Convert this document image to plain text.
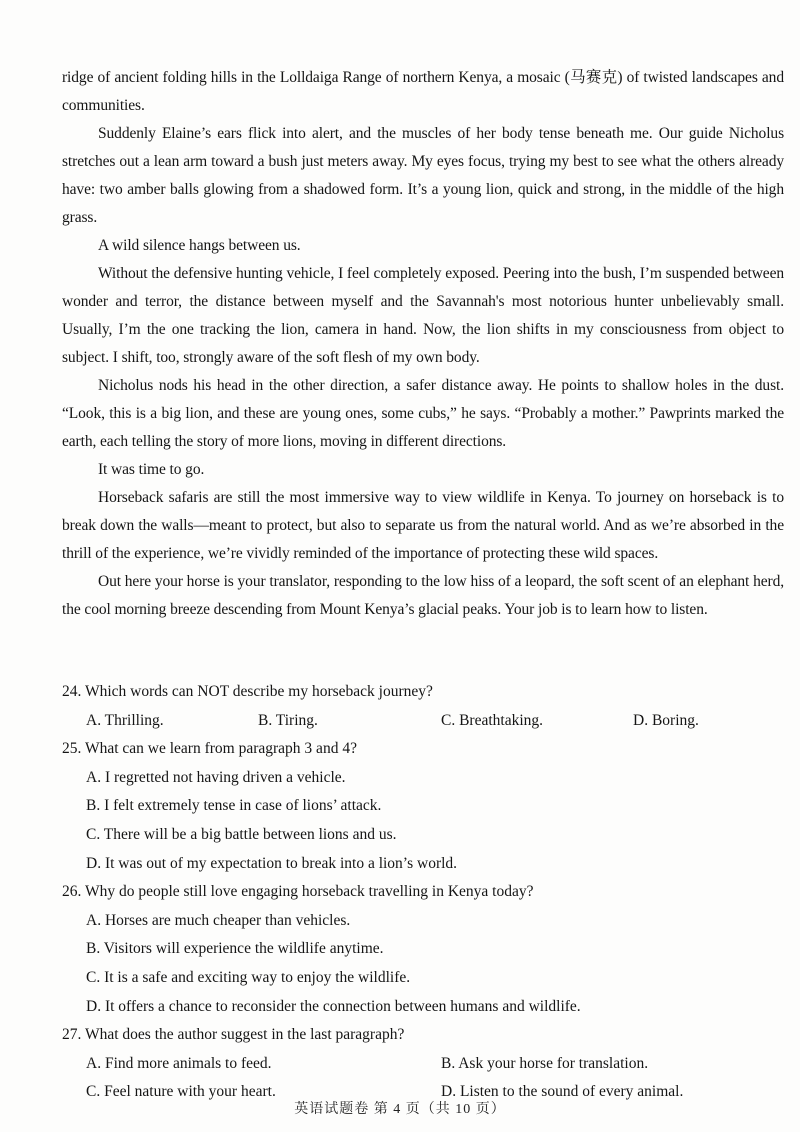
ridge of ancient folding hills in the Lolldaiga Range of northern Kenya, a mosaic (马赛克) of twisted landscapes and communities.

Suddenly Elaine’s ears flick into alert, and the muscles of her body tense beneath me. Our guide Nicholus stretches out a lean arm toward a bush just meters away. My eyes focus, trying my best to see what the others already have: two amber balls glowing from a shadowed form. It’s a young lion, quick and strong, in the middle of the high grass.

A wild silence hangs between us.

Without the defensive hunting vehicle, I feel completely exposed. Peering into the bush, I’m suspended between wonder and terror, the distance between myself and the Savannah's most notorious hunter unbelievably small. Usually, I’m the one tracking the lion, camera in hand. Now, the lion shifts in my consciousness from object to subject. I shift, too, strongly aware of the soft flesh of my own body.

Nicholus nods his head in the other direction, a safer distance away. He points to shallow holes in the dust. “Look, this is a big lion, and these are young ones, some cubs,” he says. “Probably a mother.” Pawprints marked the earth, each telling the story of more lions, moving in different directions.

It was time to go.

Horseback safaris are still the most immersive way to view wildlife in Kenya. To journey on horseback is to break down the walls—meant to protect, but also to separate us from the natural world. And as we’re absorbed in the thrill of the experience, we’re vividly reminded of the importance of protecting these wild spaces.

Out here your horse is your translator, responding to the low hiss of a leopard, the soft scent of an elephant herd, the cool morning breeze descending from Mount Kenya’s glacial peaks. Your job is to learn how to listen.

24. Which words can NOT describe my horseback journey?

A. Thrilling.	B. Tiring.	C. Breathtaking.	D. Boring.

25. What can we learn from paragraph 3 and 4?

A. I regretted not having driven a vehicle.

B. I felt extremely tense in case of lions’ attack.

C. There will be a big battle between lions and us.

D. It was out of my expectation to break into a lion’s world.

26. Why do people still love engaging horseback travelling in Kenya today?

A. Horses are much cheaper than vehicles.

B. Visitors will experience the wildlife anytime.

C. It is a safe and exciting way to enjoy the wildlife.

D. It offers a chance to reconsider the connection between humans and wildlife.

27. What does the author suggest in the last paragraph?

A. Find more animals to feed.	B. Ask your horse for translation.
C. Feel nature with your heart.	D. Listen to the sound of every animal.
英语试题卷 第 4 页（共 10 页）
